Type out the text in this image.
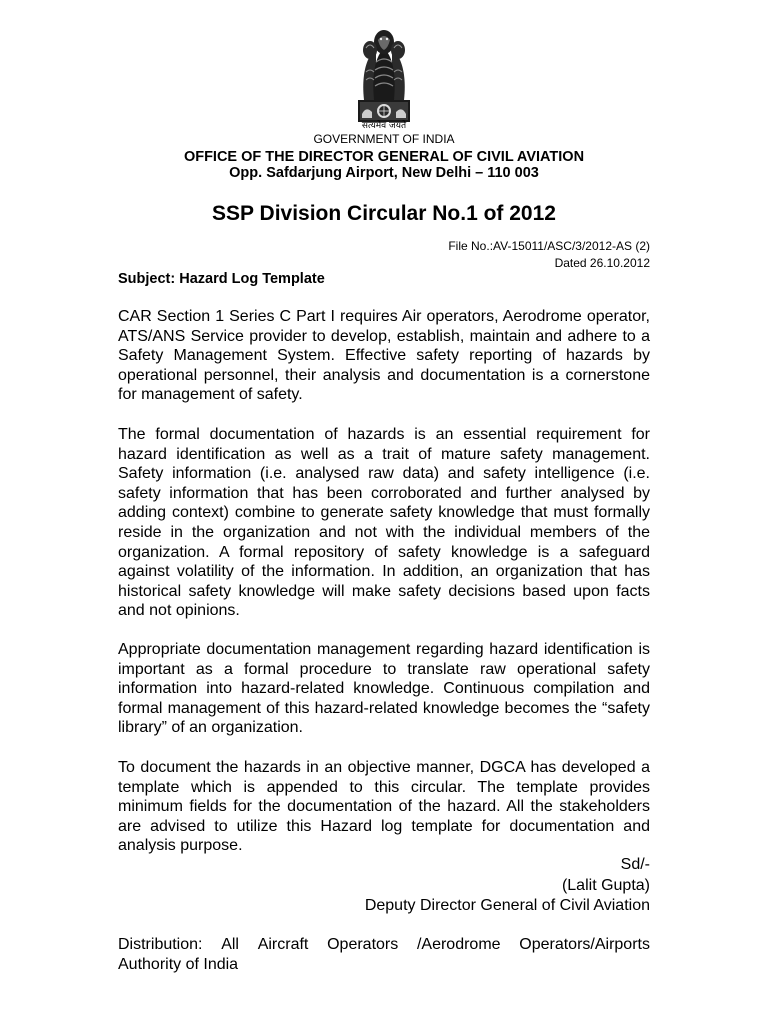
सत्यमेव जयते
GOVERNMENT OF INDIA
OFFICE OF THE DIRECTOR GENERAL OF CIVIL AVIATION
Opp. Safdarjung Airport, New Delhi – 110 003
SSP Division Circular No.1 of 2012
File No.:AV-15011/ASC/3/2012-AS (2)
Dated 26.10.2012
Subject: Hazard Log Template

CAR Section 1 Series C Part I requires Air operators, Aerodrome operator, ATS/ANS Service provider to develop, establish, maintain and adhere to a Safety Management System. Effective safety reporting of hazards by operational personnel, their analysis and documentation is a cornerstone for management of safety.

The formal documentation of hazards is an essential requirement for hazard identification as well as a trait of mature safety management. Safety information (i.e. analysed raw data) and safety intelligence (i.e. safety information that has been corroborated and further analysed by adding context) combine to generate safety knowledge that must formally reside in the organization and not with the individual members of the organization. A formal repository of safety knowledge is a safeguard against volatility of the information. In addition, an organization that has historical safety knowledge will make safety decisions based upon facts and not opinions.

Appropriate documentation management regarding hazard identification is important as a formal procedure to translate raw operational safety information into hazard-related knowledge. Continuous compilation and formal management of this hazard-related knowledge becomes the “safety library” of an organization.

To document the hazards in an objective manner, DGCA has developed a template which is appended to this circular. The template provides minimum fields for the documentation of the hazard. All the stakeholders are advised to utilize this Hazard log template for documentation and analysis purpose.

Sd/-
(Lalit Gupta)
Deputy Director General of Civil Aviation
Distribution: All Aircraft Operators /Aerodrome Operators/Airports
Authority of India
